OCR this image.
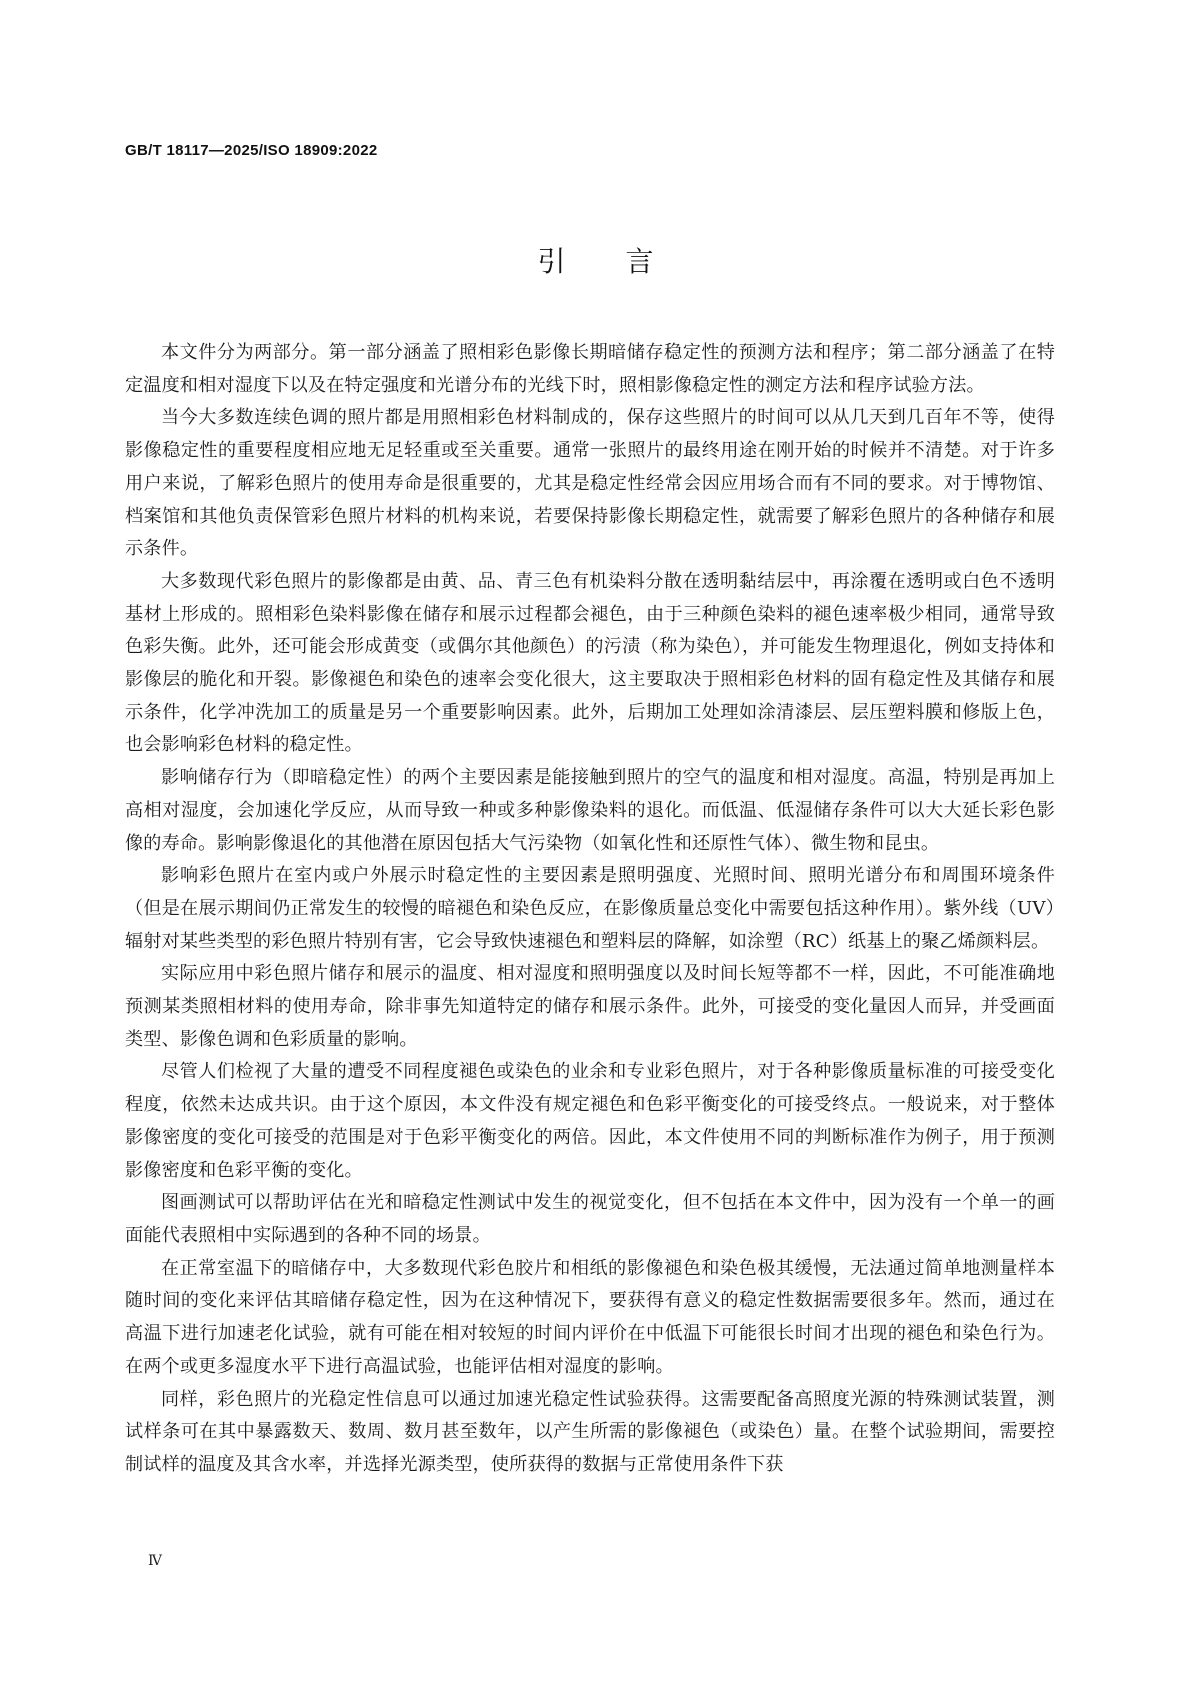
GB/T 18117—2025/ISO 18909:2022
引言

本文件分为两部分。第一部分涵盖了照相彩色影像长期暗储存稳定性的预测方法和程序；第二部分涵盖了在特定温度和相对湿度下以及在特定强度和光谱分布的光线下时，照相影像稳定性的测定方法和程序试验方法。

当今大多数连续色调的照片都是用照相彩色材料制成的，保存这些照片的时间可以从几天到几百年不等，使得影像稳定性的重要程度相应地无足轻重或至关重要。通常一张照片的最终用途在刚开始的时候并不清楚。对于许多用户来说，了解彩色照片的使用寿命是很重要的，尤其是稳定性经常会因应用场合而有不同的要求。对于博物馆、档案馆和其他负责保管彩色照片材料的机构来说，若要保持影像长期稳定性，就需要了解彩色照片的各种储存和展示条件。

大多数现代彩色照片的影像都是由黄、品、青三色有机染料分散在透明黏结层中，再涂覆在透明或白色不透明基材上形成的。照相彩色染料影像在储存和展示过程都会褪色，由于三种颜色染料的褪色速率极少相同，通常导致色彩失衡。此外，还可能会形成黄变（或偶尔其他颜色）的污渍（称为染色），并可能发生物理退化，例如支持体和影像层的脆化和开裂。影像褪色和染色的速率会变化很大，这主要取决于照相彩色材料的固有稳定性及其储存和展示条件，化学冲洗加工的质量是另一个重要影响因素。此外，后期加工处理如涂清漆层、层压塑料膜和修版上色，也会影响彩色材料的稳定性。

影响储存行为（即暗稳定性）的两个主要因素是能接触到照片的空气的温度和相对湿度。高温，特别是再加上高相对湿度，会加速化学反应，从而导致一种或多种影像染料的退化。而低温、低湿储存条件可以大大延长彩色影像的寿命。影响影像退化的其他潜在原因包括大气污染物（如氧化性和还原性气体）、微生物和昆虫。

影响彩色照片在室内或户外展示时稳定性的主要因素是照明强度、光照时间、照明光谱分布和周围环境条件（但是在展示期间仍正常发生的较慢的暗褪色和染色反应，在影像质量总变化中需要包括这种作用）。紫外线（UV）辐射对某些类型的彩色照片特别有害，它会导致快速褪色和塑料层的降解，如涂塑（RC）纸基上的聚乙烯颜料层。

实际应用中彩色照片储存和展示的温度、相对湿度和照明强度以及时间长短等都不一样，因此，不可能准确地预测某类照相材料的使用寿命，除非事先知道特定的储存和展示条件。此外，可接受的变化量因人而异，并受画面类型、影像色调和色彩质量的影响。

尽管人们检视了大量的遭受不同程度褪色或染色的业余和专业彩色照片，对于各种影像质量标准的可接受变化程度，依然未达成共识。由于这个原因，本文件没有规定褪色和色彩平衡变化的可接受终点。一般说来，对于整体影像密度的变化可接受的范围是对于色彩平衡变化的两倍。因此，本文件使用不同的判断标准作为例子，用于预测影像密度和色彩平衡的变化。

图画测试可以帮助评估在光和暗稳定性测试中发生的视觉变化，但不包括在本文件中，因为没有一个单一的画面能代表照相中实际遇到的各种不同的场景。

在正常室温下的暗储存中，大多数现代彩色胶片和相纸的影像褪色和染色极其缓慢，无法通过简单地测量样本随时间的变化来评估其暗储存稳定性，因为在这种情况下，要获得有意义的稳定性数据需要很多年。然而，通过在高温下进行加速老化试验，就有可能在相对较短的时间内评价在中低温下可能很长时间才出现的褪色和染色行为。在两个或更多湿度水平下进行高温试验，也能评估相对湿度的影响。

同样，彩色照片的光稳定性信息可以通过加速光稳定性试验获得。这需要配备高照度光源的特殊测试装置，测试样条可在其中暴露数天、数周、数月甚至数年，以产生所需的影像褪色（或染色）量。在整个试验期间，需要控制试样的温度及其含水率，并选择光源类型，使所获得的数据与正常使用条件下获

Ⅳ
